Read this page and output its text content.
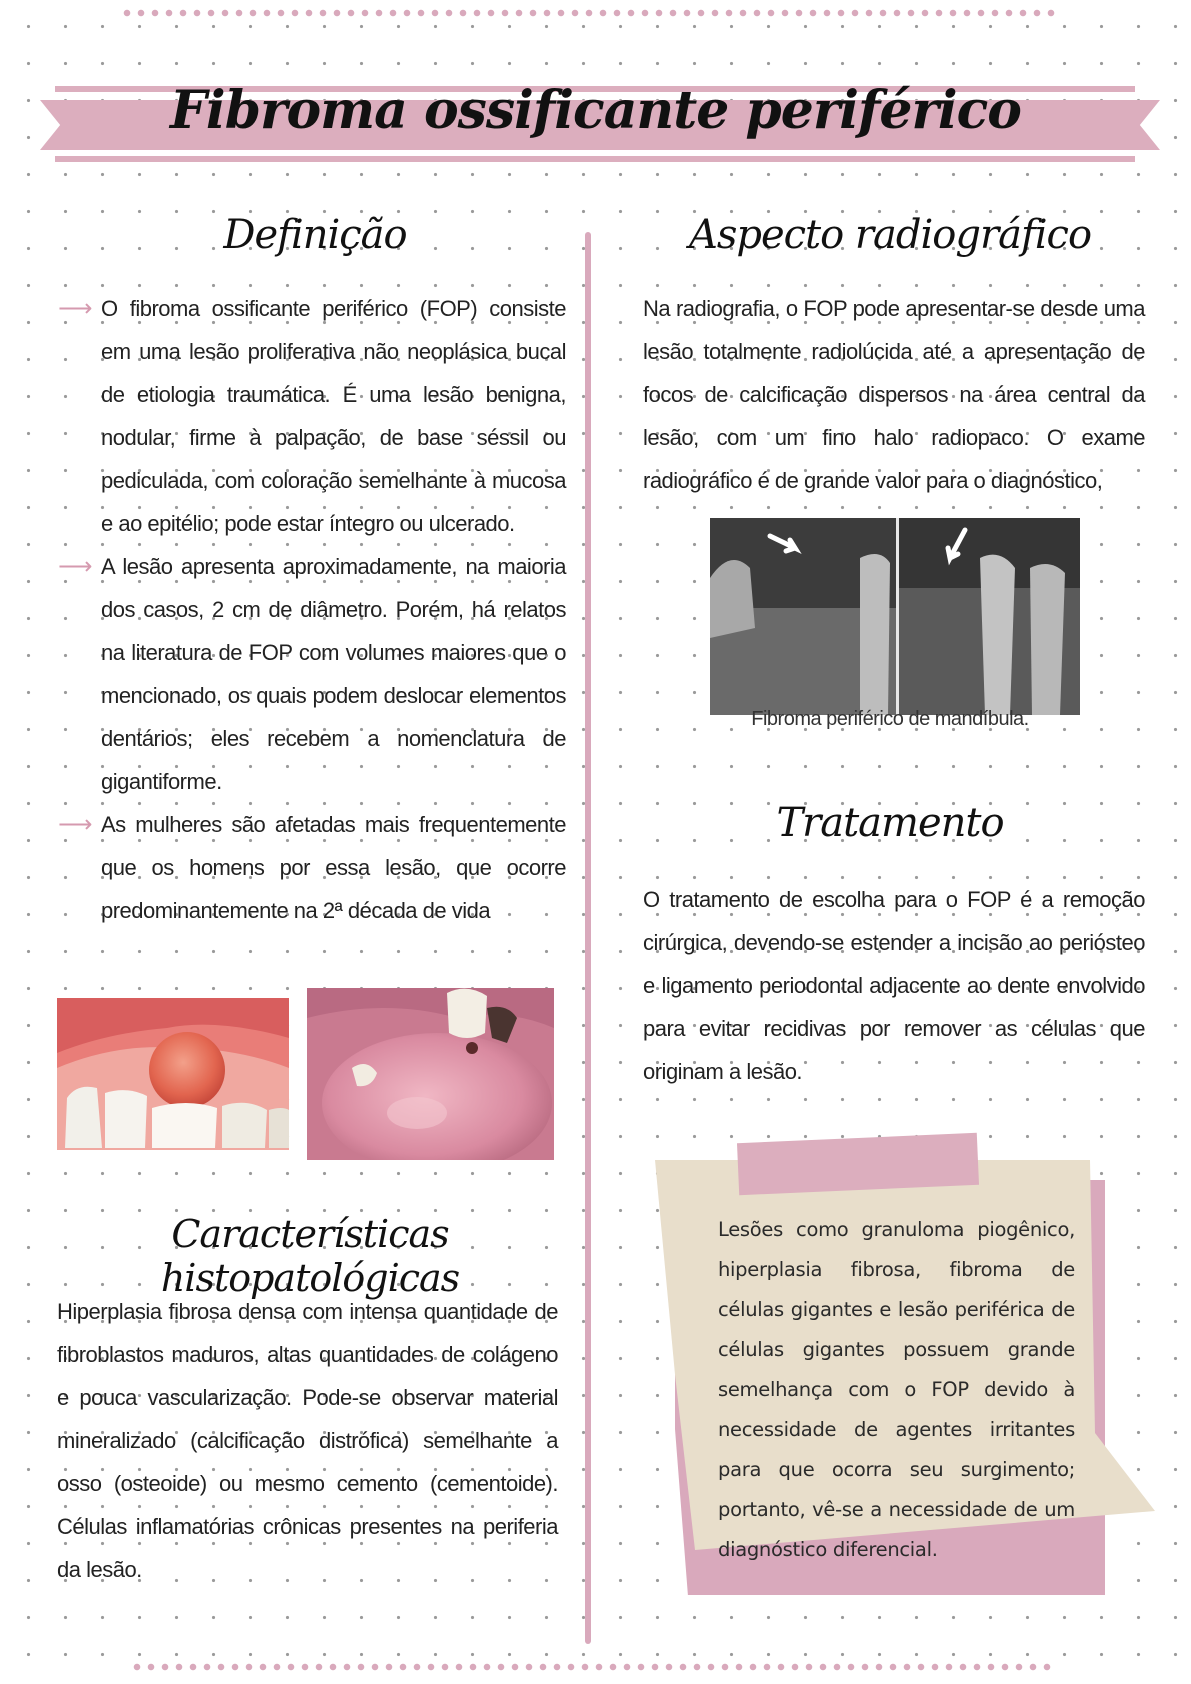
Fibroma ossificante periférico
Definição
⟶ O fibroma ossificante periférico (FOP) consiste em uma lesão proliferativa não neoplásica bucal de etiologia traumática. É uma lesão benigna, nodular, firme à palpação, de base séssil ou pediculada, com coloração semelhante à mucosa e ao epitélio; pode estar íntegro ou ulcerado.
⟶ A lesão apresenta aproximadamente, na maioria dos casos, 2 cm de diâmetro. Porém, há relatos na literatura de FOP com volumes maiores que o mencionado, os quais podem deslocar elementos dentários; eles recebem a nomenclatura de gigantiforme.
⟶ As mulheres são afetadas mais frequentemente que os homens por essa lesão, que ocorre predominantemente na 2ª década de vida
Características histopatológicas
Hiperplasia fibrosa densa com intensa quantidade de fibroblastos maduros, altas quantidades de colágeno e pouca vascularização. Pode-se observar material mineralizado (calcificação distrófica) semelhante a osso (osteoide) ou mesmo cemento (cementoide). Células inflamatórias crônicas presentes na periferia da lesão.
Aspecto radiográfico
Na radiografia, o FOP pode apresentar-se desde uma lesão totalmente radiolúcida até a apresentação de focos de calcificação dispersos na área central da lesão, com um fino halo radiopaco. O exame radiográfico é de grande valor para o diagnóstico,
Fibroma periférico de mandíbula.
Tratamento
O tratamento de escolha para o FOP é a remoção cirúrgica, devendo-se estender a incisão ao periósteo e ligamento periodontal adjacente ao dente envolvido para evitar recidivas por remover as células que originam a lesão.
Lesões como granuloma piogênico, hiperplasia fibrosa, fibroma de células gigantes e lesão periférica de células gigantes possuem grande semelhança com o FOP devido à necessidade de agentes irritantes para que ocorra seu surgimento; portanto, vê-se a necessidade de um diagnóstico diferencial.
